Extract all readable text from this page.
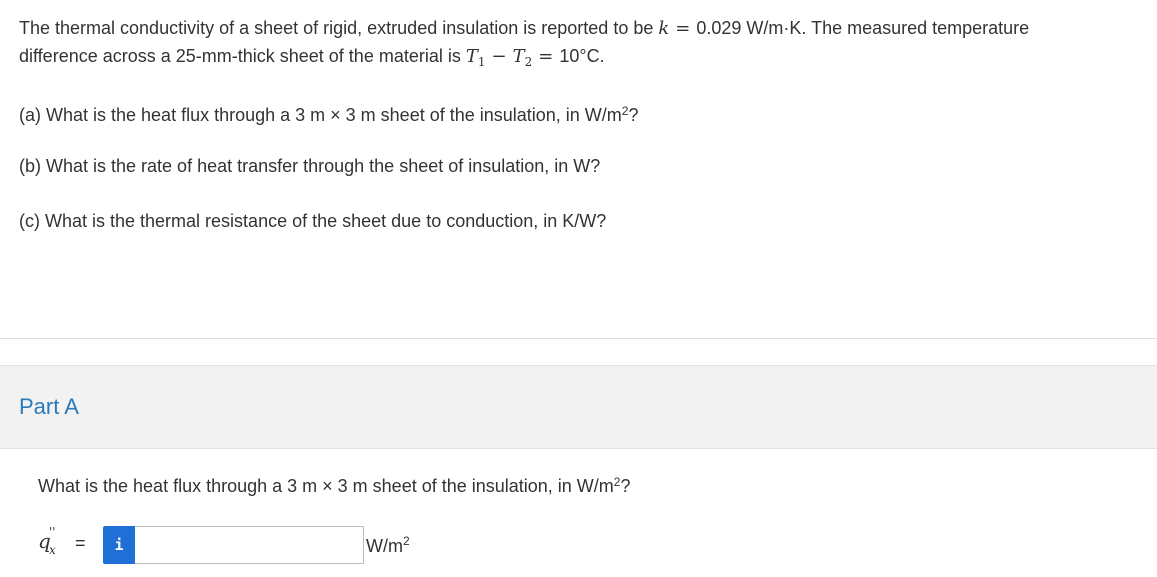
The thermal conductivity of a sheet of rigid, extruded insulation is reported to be k = 0.029 W/m·K. The measured temperature
difference across a 25-mm-thick sheet of the material is $T_1 - T_2 = 10^\circ C$.
(a) What is the heat flux through a 3 m × 3 m sheet of the insulation, in $W/m^2$?
(b) What is the rate of heat transfer through the sheet of insulation, in W?
(c) What is the thermal resistance of the sheet due to conduction, in K/W?
Part A
What is the heat flux through a 3 m × 3 m sheet of the insulation, in $W/m^2$?
q
''
x =	i	$W/m^2$
